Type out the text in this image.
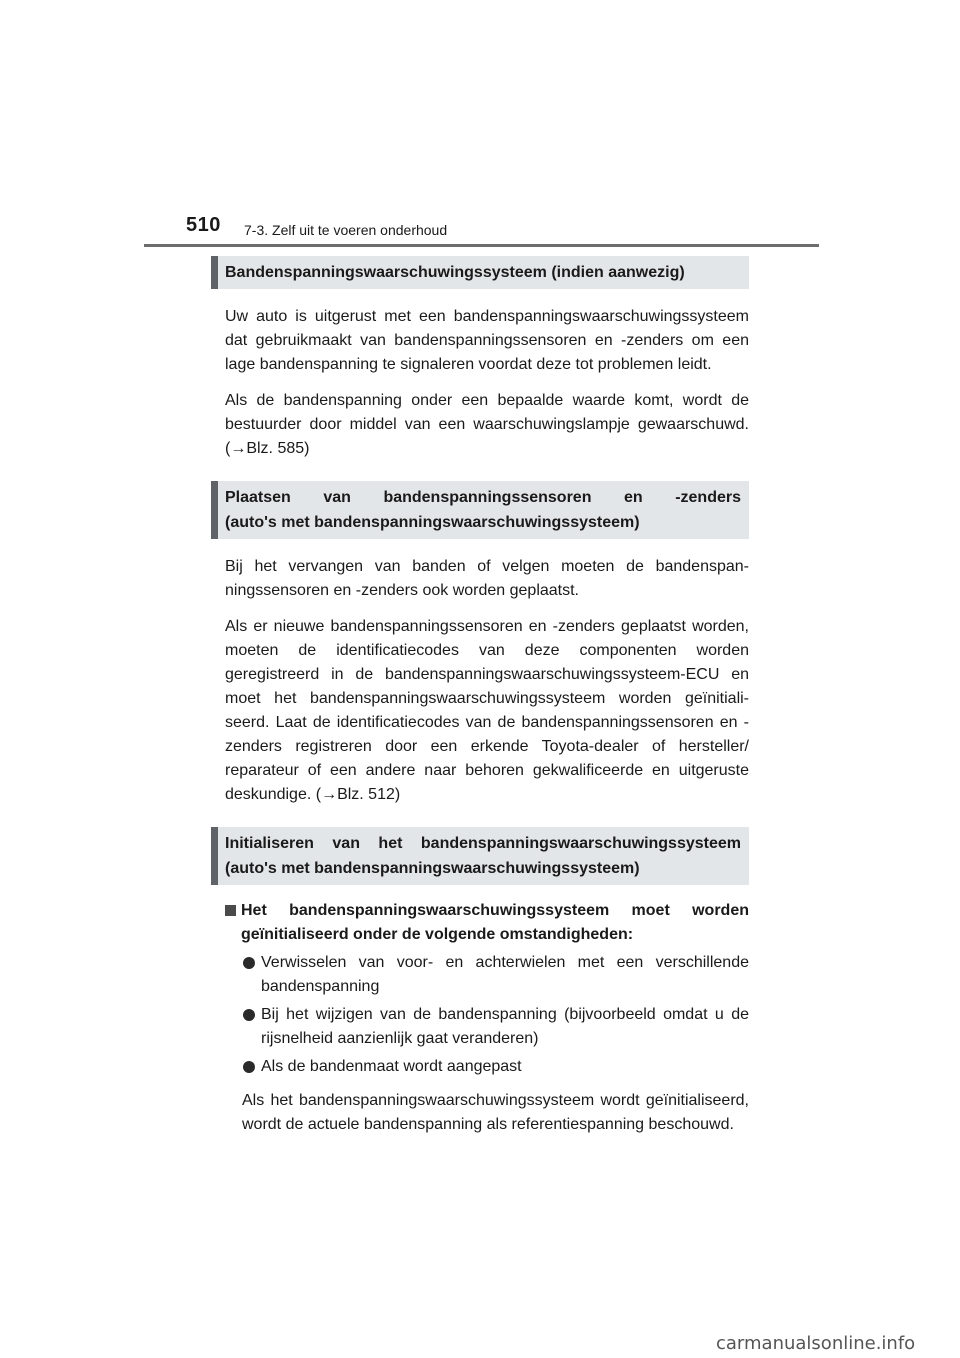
510 7-3. Zelf uit te voeren onderhoud
Bandenspanningswaarschuwingssysteem (indien aanwezig)

Uw auto is uitgerust met een bandenspanningswaarschuwingssysteem dat gebruikmaakt van bandenspanningssensoren en -zenders om een lage bandenspanning te signaleren voordat deze tot problemen leidt.

Als de bandenspanning onder een bepaalde waarde komt, wordt de bestuurder door middel van een waarschuwingslampje gewaarschuwd. (→Blz. 585)

Plaatsen van bandenspanningssensoren en -zenders
(auto's met bandenspanningswaarschuwingssysteem)

Bij het vervangen van banden of velgen moeten de bandenspanningssensoren en -zenders ook worden geplaatst.

Als er nieuwe bandenspanningssensoren en -zenders geplaatst worden, moeten de identificatiecodes van deze componenten worden geregistreerd in de bandenspanningswaarschuwingssysteem-ECU en moet het bandenspanningswaarschuwingssysteem worden geïnitialiseerd. Laat de identificatiecodes van de bandenspanningssensoren en -zenders registreren door een erkende Toyota-dealer of hersteller/ reparateur of een andere naar behoren gekwalificeerde en uitgeruste deskundige. (→Blz. 512)

Initialiseren van het bandenspanningswaarschuwingssysteem
(auto's met bandenspanningswaarschuwingssysteem)
Het bandenspanningswaarschuwingssysteem moet worden geïnitialiseerd onder de volgende omstandigheden:
Verwisselen van voor- en achterwielen met een verschillende bandenspanning
Bij het wijzigen van de bandenspanning (bijvoorbeeld omdat u de rijsnelheid aanzienlijk gaat veranderen)
Als de bandenmaat wordt aangepast
Als het bandenspanningswaarschuwingssysteem wordt geïnitialiseerd, wordt de actuele bandenspanning als referentiespanning beschouwd.
carmanualsonline.info
